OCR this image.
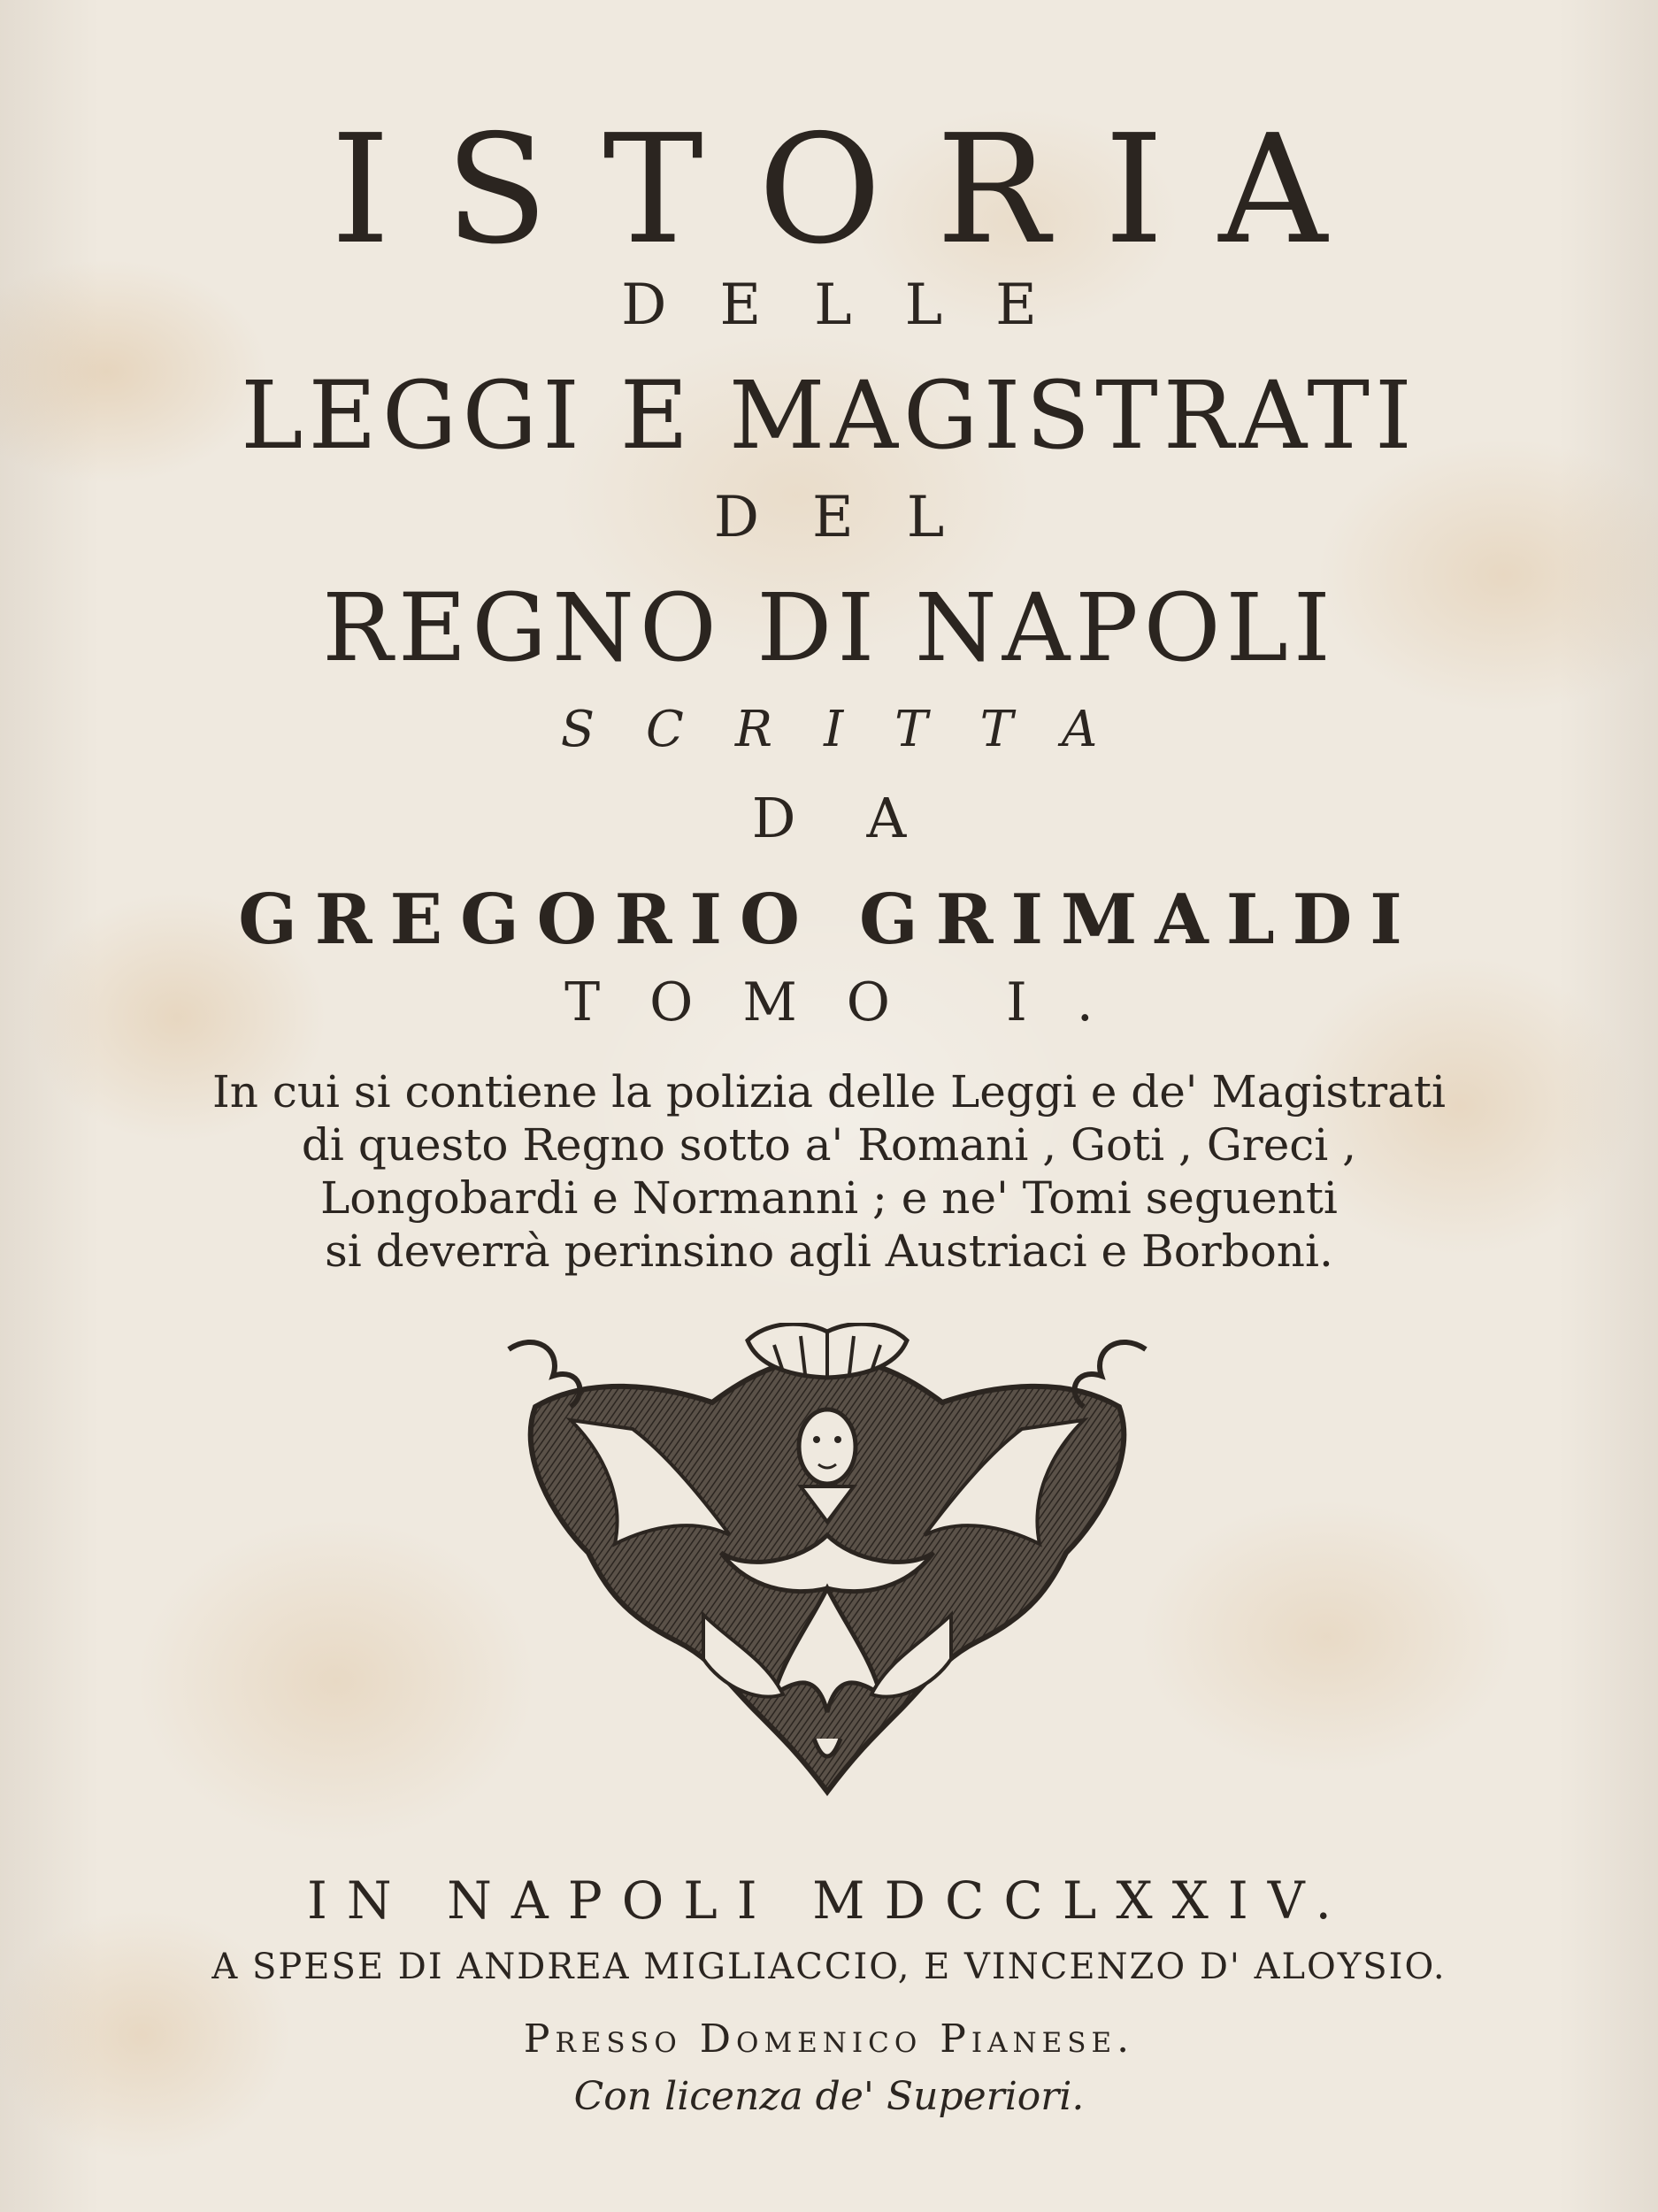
ISTORIA
DELLE
LEGGI E MAGISTRATI
DEL
REGNO DI NAPOLI
SCRITTA
DA
GREGORIO GRIMALDI
TOMO I.
In cui si contiene la polizia delle Leggi e de' Magistrati
di questo Regno sotto a' Romani , Goti , Greci ,
Longobardi e Normanni ; e ne' Tomi seguenti
si deverrà perinsino agli Austriaci e Borboni.
IN NAPOLI MDCCLXXIV.
A SPESE DI ANDREA MIGLIACCIO, E VINCENZO D' ALOYSIO.
Presso Domenico Pianese.
Con licenza de' Superiori.
